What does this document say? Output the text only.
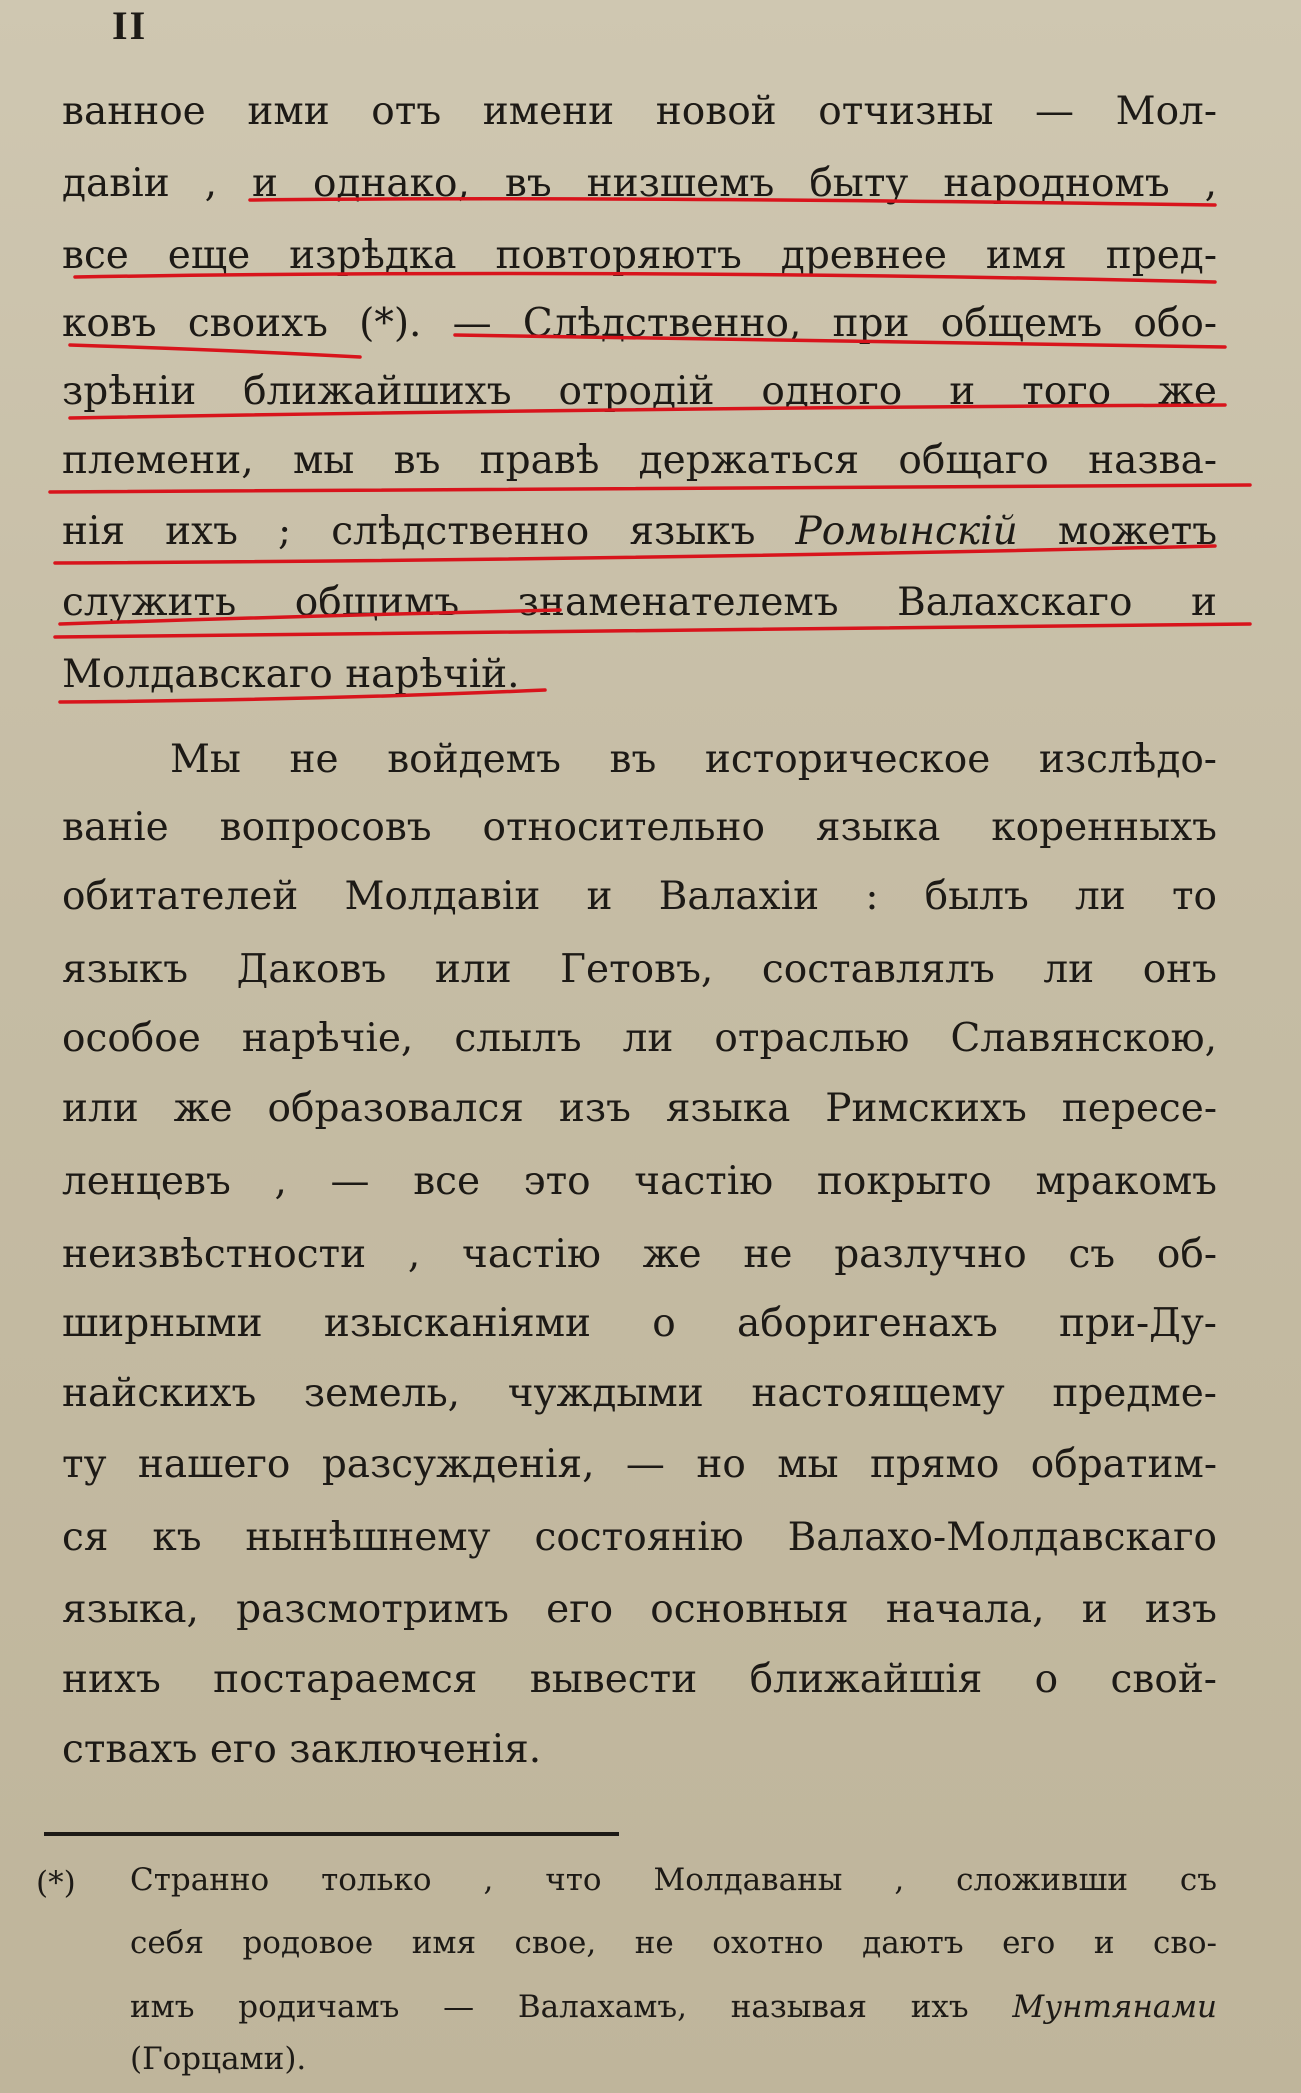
II
ванное ими отъ имени новой отчизны — Мол-
давіи , и однако, въ низшемъ быту народномъ ,
все еще изрѣдка повторяютъ древнее имя пред-
ковъ своихъ (*). — Слѣдственно, при общемъ обо-
зрѣніи ближайшихъ отродій одного и того же
племени, мы въ правѣ держаться общаго назва-
нія ихъ ; слѣдственно языкъ Ромынскій можетъ
служить общимъ знаменателемъ Валахскаго и
Молдавскаго нарѣчій.
Мы не войдемъ въ историческое изслѣдо-
ваніе вопросовъ относительно языка коренныхъ
обитателей Молдавіи и Валахіи : былъ ли то
языкъ Даковъ или Гетовъ, составлялъ ли онъ
особое нарѣчіе, слылъ ли отраслью Славянскою,
или же образовался изъ языка Римскихъ пересе-
ленцевъ , — все это частію покрыто мракомъ
неизвѣстности , частію же не разлучно съ об-
ширными изысканіями о аборигенахъ при-Ду-
найскихъ земель, чуждыми настоящему предме-
ту нашего разсужденія, — но мы прямо обратим-
ся къ нынѣшнему состоянію Валахо-Молдавскаго
языка, разсмотримъ его основныя начала, и изъ
нихъ постараемся вывести ближайшія о свой-
ствахъ его заключенія.
(*) Странно только , что Молдаваны , сложивши съ
себя родовое имя свое, не охотно даютъ его и сво-
имъ родичамъ — Валахамъ, называя ихъ Мунтянами
(Горцами).
